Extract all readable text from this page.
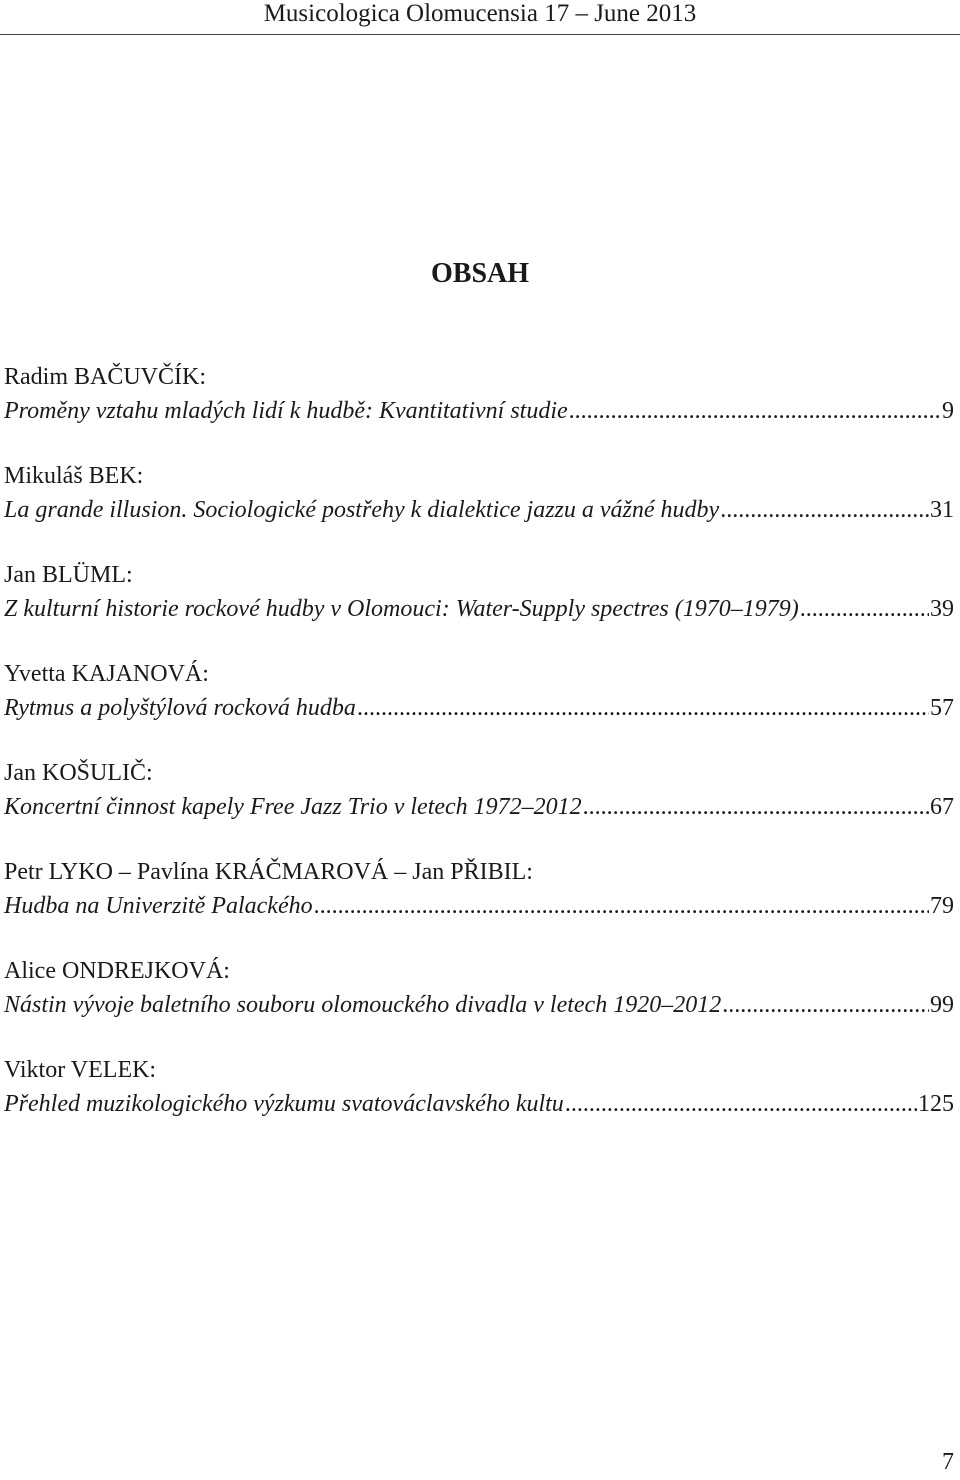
Musicologica Olomucensia 17 – June 2013
OBSAH
Radim BAČUVČÍK:
Proměny vztahu mladých lidí k hudbě: Kvantitativní studie . . .	9
Mikuláš BEK:
La grande illusion. Sociologické postřehy k dialektice jazzu a vážné hudby . . .	31
Jan BLÜML:
Z kulturní historie rockové hudby v Olomouci: Water-Supply spectres (1970–1979) . . .	39
Yvetta KAJANOVÁ:
Rytmus a polyštýlová rocková hudba . . .	57
Jan KOŠULIČ:
Koncertní činnost kapely Free Jazz Trio v letech 1972–2012 . . .	67
Petr LYKO – Pavlína KRÁČMAROVÁ – Jan PŘIBIL:
Hudba na Univerzitě Palackého . . .	79
Alice ONDREJKOVÁ:
Nástin vývoje baletního souboru olomouckého divadla v letech 1920–2012 . . .	99
Viktor VELEK:
Přehled muzikologického výzkumu svatováclavského kultu . . .	125
7
